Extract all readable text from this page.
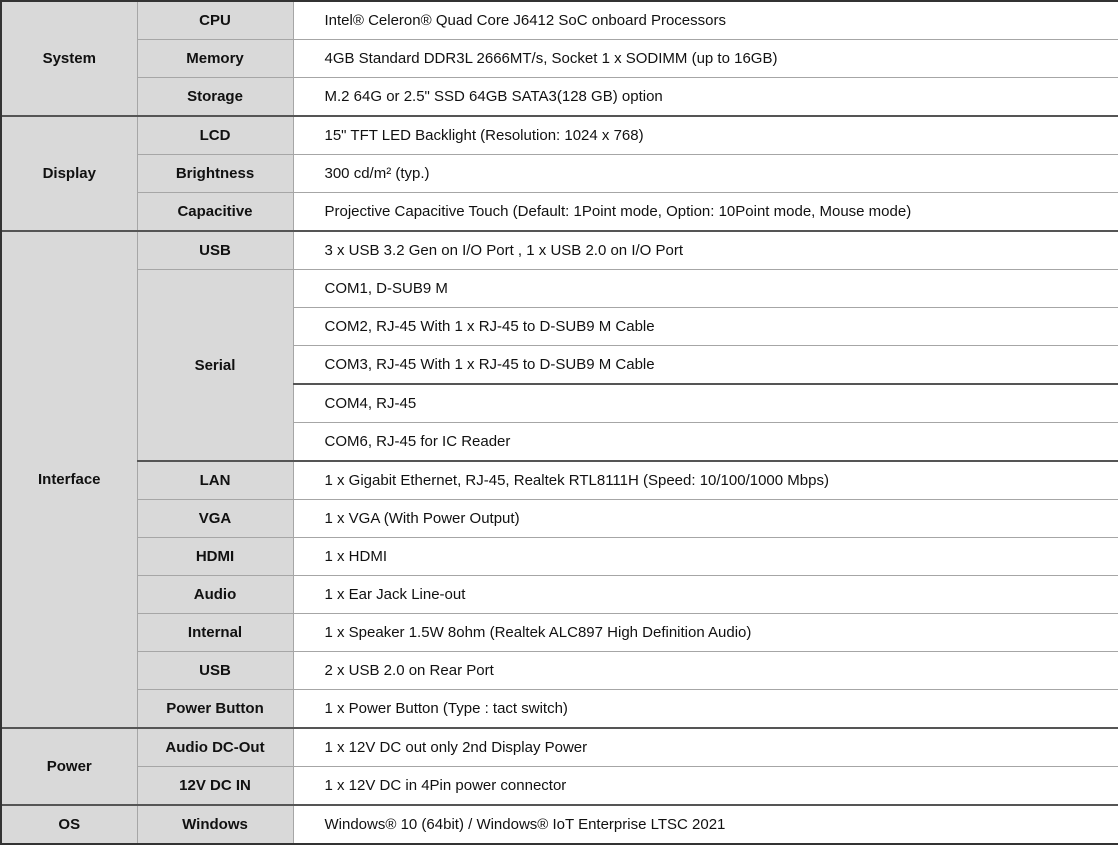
System	CPU	Intel® Celeron® Quad Core J6412 SoC onboard Processors
	Memory	4GB Standard DDR3L 2666MT/s, Socket 1 x SODIMM (up to 16GB)
	Storage	M.2 64G or 2.5" SSD 64GB SATA3(128 GB) option
Display	LCD	15" TFT LED Backlight (Resolution: 1024 x 768)
	Brightness	300 cd/m² (typ.)
	Capacitive	Projective Capacitive Touch (Default: 1Point mode, Option: 10Point mode, Mouse mode)
Interface	USB	3 x USB 3.2 Gen on I/O Port , 1 x USB 2.0 on I/O Port
	Serial	COM1, D-SUB9 M
		COM2, RJ-45 With 1 x RJ-45 to D-SUB9 M Cable
		COM3, RJ-45 With 1 x RJ-45 to D-SUB9 M Cable
		COM4, RJ-45
		COM6, RJ-45 for IC Reader
	LAN	1 x Gigabit Ethernet, RJ-45, Realtek RTL8111H (Speed: 10/100/1000 Mbps)
	VGA	1 x VGA (With Power Output)
	HDMI	1 x HDMI
	Audio	1 x Ear Jack Line-out
	Internal	1 x Speaker 1.5W 8ohm (Realtek ALC897 High Definition Audio)
	USB	2 x USB 2.0 on Rear Port
	Power Button	1 x Power Button (Type : tact switch)
Power	Audio DC-Out	1 x 12V DC out only 2nd Display Power
	12V DC IN	1 x 12V DC in 4Pin power connector
OS	Windows	Windows® 10 (64bit) / Windows® IoT Enterprise LTSC 2021
